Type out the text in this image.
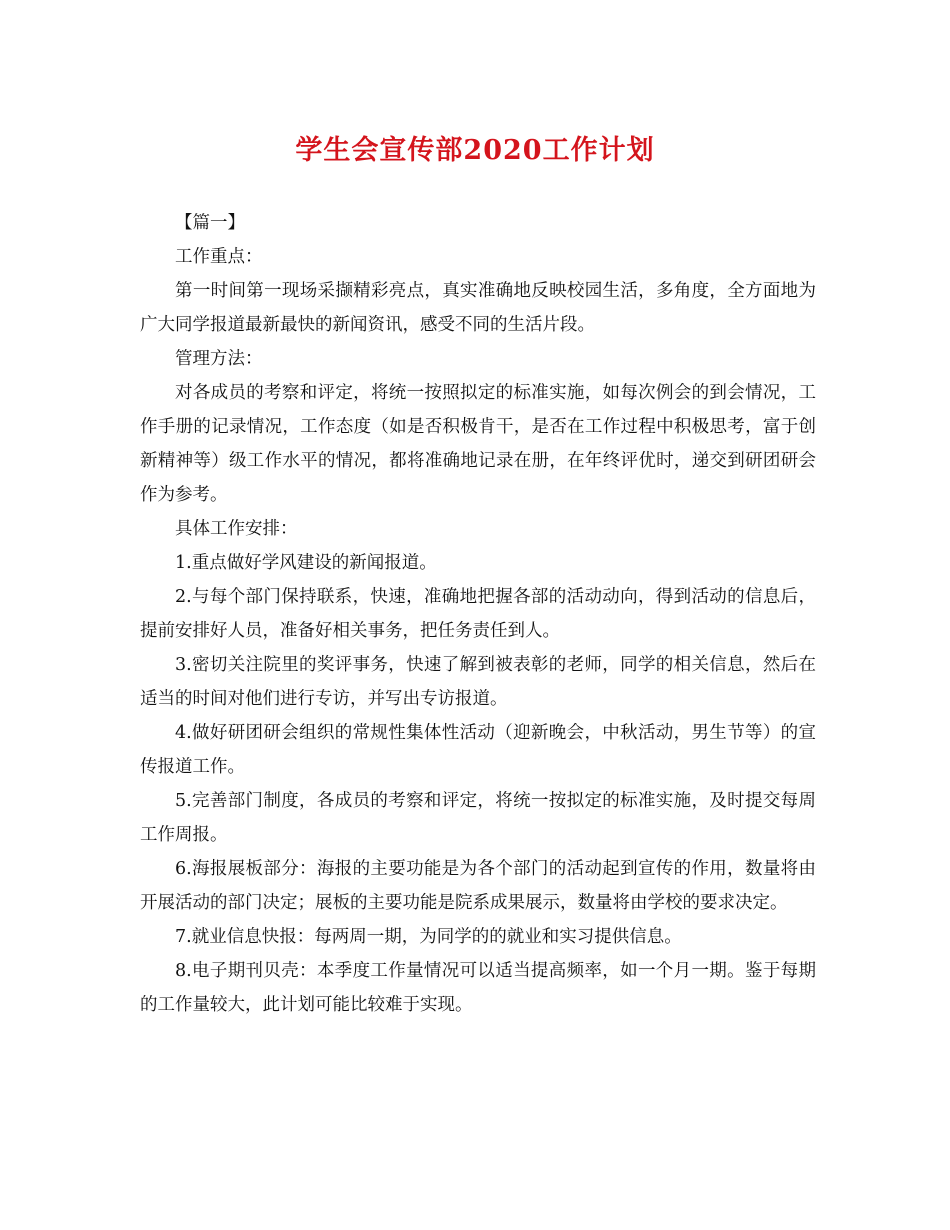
学生会宣传部2020工作计划

【篇一】

工作重点：

第一时间第一现场采撷精彩亮点，真实准确地反映校园生活，多角度，全方面地为广大同学报道最新最快的新闻资讯，感受不同的生活片段。

管理方法：

对各成员的考察和评定，将统一按照拟定的标准实施，如每次例会的到会情况，工作手册的记录情况，工作态度（如是否积极肯干，是否在工作过程中积极思考，富于创新精神等）级工作水平的情况，都将准确地记录在册，在年终评优时，递交到研团研会作为参考。

具体工作安排：

1.重点做好学风建设的新闻报道。

2.与每个部门保持联系，快速，准确地把握各部的活动动向，得到活动的信息后，提前安排好人员，准备好相关事务，把任务责任到人。

3.密切关注院里的奖评事务，快速了解到被表彰的老师，同学的相关信息，然后在适当的时间对他们进行专访，并写出专访报道。

4.做好研团研会组织的常规性集体性活动（迎新晚会，中秋活动，男生节等）的宣传报道工作。

5.完善部门制度，各成员的考察和评定，将统一按拟定的标准实施，及时提交每周工作周报。

6.海报展板部分：海报的主要功能是为各个部门的活动起到宣传的作用，数量将由开展活动的部门决定；展板的主要功能是院系成果展示，数量将由学校的要求决定。

7.就业信息快报：每两周一期，为同学的的就业和实习提供信息。

8.电子期刊贝壳：本季度工作量情况可以适当提高频率，如一个月一期。鉴于每期的工作量较大，此计划可能比较难于实现。
